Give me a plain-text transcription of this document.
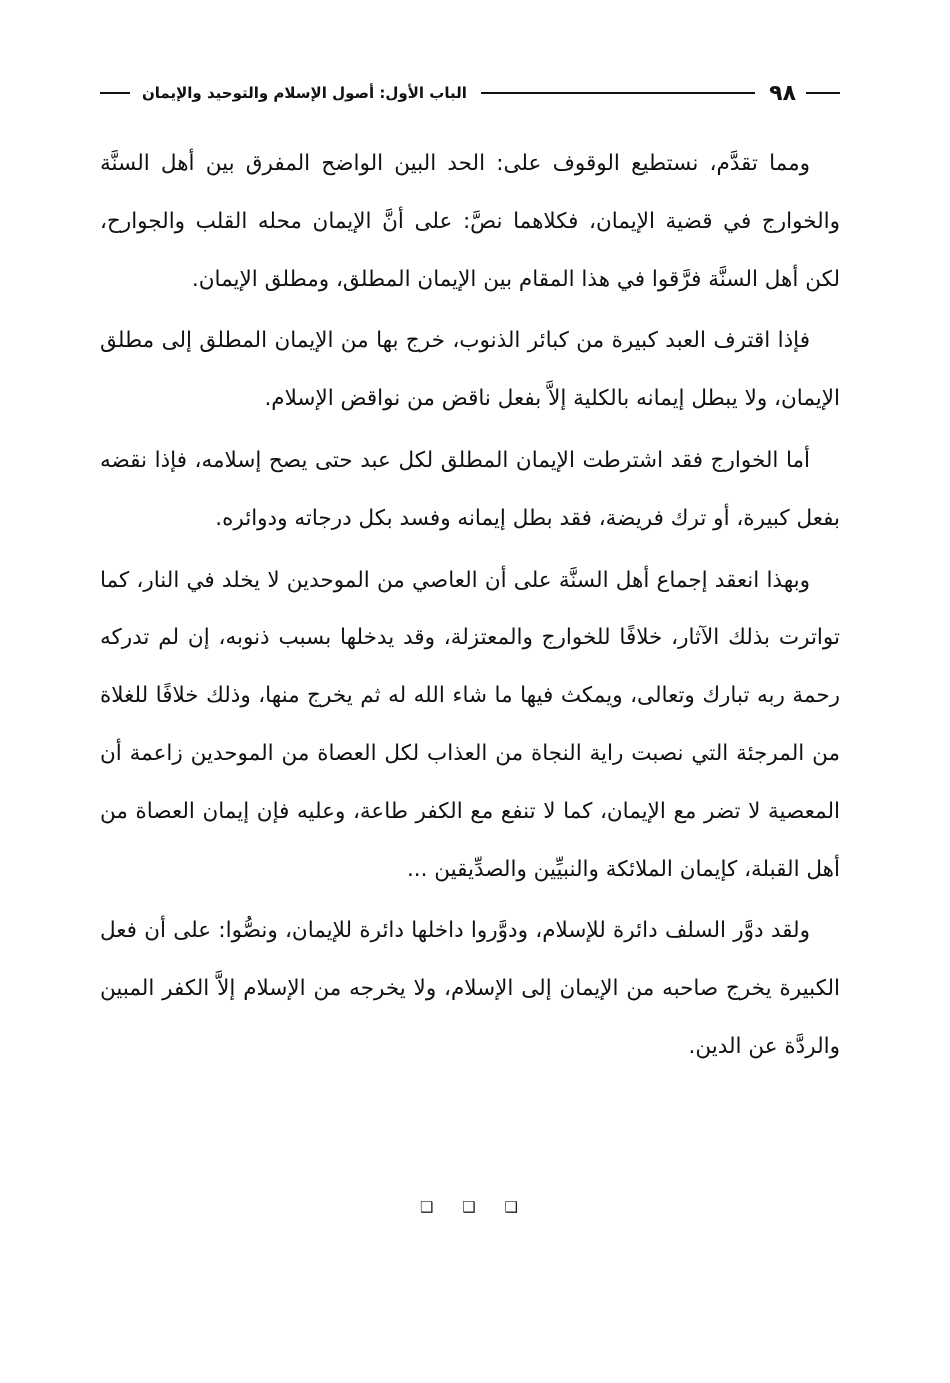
٩٨
الباب الأول: أصول الإسلام والتوحيد والإيمان

ومما تقدَّم، نستطيع الوقوف على: الحد البين الواضح المفرق بين أهل السنَّة والخوارج في قضية الإيمان، فكلاهما نصَّ: على أنَّ الإيمان محله القلب والجوارح، لكن أهل السنَّة فرَّقوا في هذا المقام بين الإيمان المطلق، ومطلق الإيمان.

فإذا اقترف العبد كبيرة من كبائر الذنوب، خرج بها من الإيمان المطلق إلى مطلق الإيمان، ولا يبطل إيمانه بالكلية إلاَّ بفعل ناقض من نواقض الإسلام.

أما الخوارج فقد اشترطت الإيمان المطلق لكل عبد حتى يصح إسلامه، فإذا نقضه بفعل كبيرة، أو ترك فريضة، فقد بطل إيمانه وفسد بكل درجاته ودوائره.

وبهذا انعقد إجماع أهل السنَّة على أن العاصي من الموحدين لا يخلد في النار، كما تواترت بذلك الآثار، خلافًا للخوارج والمعتزلة، وقد يدخلها بسبب ذنوبه، إن لم تدركه رحمة ربه تبارك وتعالى، ويمكث فيها ما شاء الله له ثم يخرج منها، وذلك خلافًا للغلاة من المرجئة التي نصبت راية النجاة من العذاب لكل العصاة من الموحدين زاعمة أن المعصية لا تضر مع الإيمان، كما لا تنفع مع الكفر طاعة، وعليه فإن إيمان العصاة من أهل القبلة، كإيمان الملائكة والنبيِّين والصدِّيقين ...

ولقد دوَّر السلف دائرة للإسلام، ودوَّروا داخلها دائرة للإيمان، ونصُّوا: على أن فعل الكبيرة يخرج صاحبه من الإيمان إلى الإسلام، ولا يخرجه من الإسلام إلاَّ الكفر المبين والردَّة عن الدين.

❑ ❑ ❑
